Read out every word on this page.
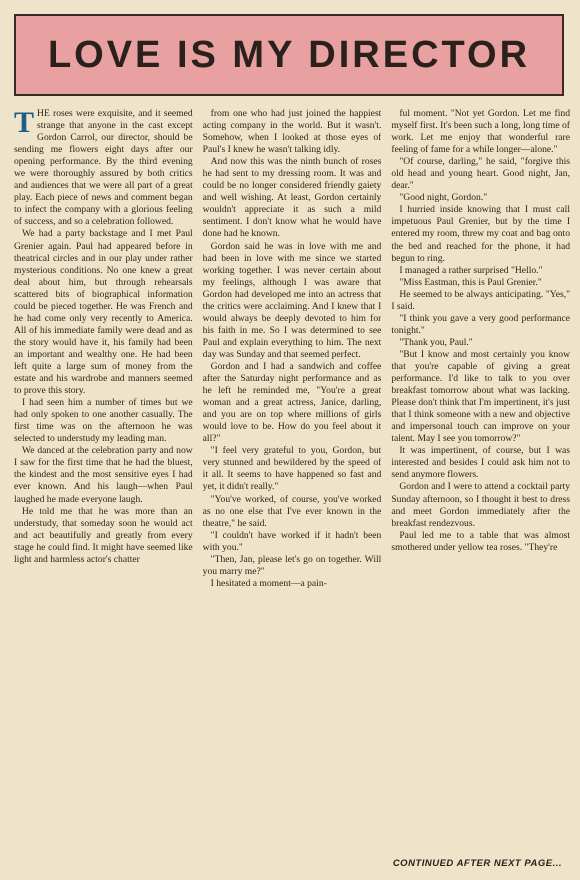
LOVE IS MY DIRECTOR

THE roses were exquisite, and it seemed strange that anyone in the cast except Gordon Carrol, our director, should be sending me flowers eight days after our opening performance. By the third evening we were thoroughly assured by both critics and audiences that we were all part of a great play. Each piece of news and comment began to infect the company with a glorious feeling of success, and so a celebration followed.

We had a party backstage and I met Paul Grenier again. Paul had appeared before in theatrical circles and in our play under rather mysterious conditions. No one knew a great deal about him, but through rehearsals scattered bits of biographical information could be pieced together. He was French and he had come only very recently to America. All of his immediate family were dead and as the story would have it, his family had been an important and wealthy one. He had been left quite a large sum of money from the estate and his wardrobe and manners seemed to prove this story.

I had seen him a number of times but we had only spoken to one another casually. The first time was on the afternoon he was selected to understudy my leading man.

We danced at the celebration party and now I saw for the first time that he had the bluest, the kindest and the most sensitive eyes I had ever known. And his laugh—when Paul laughed he made everyone laugh.

He told me that he was more than an understudy, that someday soon he would act and act beautifully and greatly from every stage he could find. It might have seemed like light and harmless actor's chatter

from one who had just joined the happiest acting company in the world. But it wasn't. Somehow, when I looked at those eyes of Paul's I knew he wasn't talking idly.

And now this was the ninth bunch of roses he had sent to my dressing room. It was and could be no longer considered friendly gaiety and well wishing. At least, Gordon certainly wouldn't appreciate it as such a mild sentiment. I don't know what he would have done had he known.

Gordon said he was in love with me and had been in love with me since we started working together. I was never certain about my feelings, although I was aware that Gordon had developed me into an actress that the critics were acclaiming. And I knew that I would always be deeply devoted to him for his faith in me. So I was determined to see Paul and explain everything to him. The next day was Sunday and that seemed perfect.

Gordon and I had a sandwich and coffee after the Saturday night performance and as he left he reminded me, "You're a great woman and a great actress, Janice, darling, and you are on top where millions of girls would love to be. How do you feel about it all?"

"I feel very grateful to you, Gordon, but very stunned and bewildered by the speed of it all. It seems to have happened so fast and yet, it didn't really."

"You've worked, of course, you've worked as no one else that I've ever known in the theatre," he said.

"I couldn't have worked if it hadn't been with you."

"Then, Jan, please let's go on together. Will you marry me?"

I hesitated a moment—a pain-

ful moment. "Not yet Gordon. Let me find myself first. It's been such a long, long time of work. Let me enjoy that wonderful rare feeling of fame for a while longer—alone."

"Of course, darling," he said, "forgive this old head and young heart. Good night, Jan, dear."

"Good night, Gordon."

I hurried inside knowing that I must call impetuous Paul Grenier, but by the time I entered my room, threw my coat and bag onto the bed and reached for the phone, it had begun to ring.

I managed a rather surprised "Hello."

"Miss Eastman, this is Paul Grenier."

He seemed to be always anticipating. "Yes," I said.

"I think you gave a very good performance tonight."

"Thank you, Paul."

"But I know and most certainly you know that you're capable of giving a great performance. I'd like to talk to you over breakfast tomorrow about what was lacking. Please don't think that I'm impertinent, it's just that I think someone with a new and objective and impersonal touch can improve on your talent. May I see you tomorrow?"

It was impertinent, of course, but I was interested and besides I could ask him not to send anymore flowers.

Gordon and I were to attend a cocktail party Sunday afternoon, so I thought it best to dress and meet Gordon immediately after the breakfast rendezvous.

Paul led me to a table that was almost smothered under yellow tea roses. "They're

CONTINUED AFTER NEXT PAGE...
